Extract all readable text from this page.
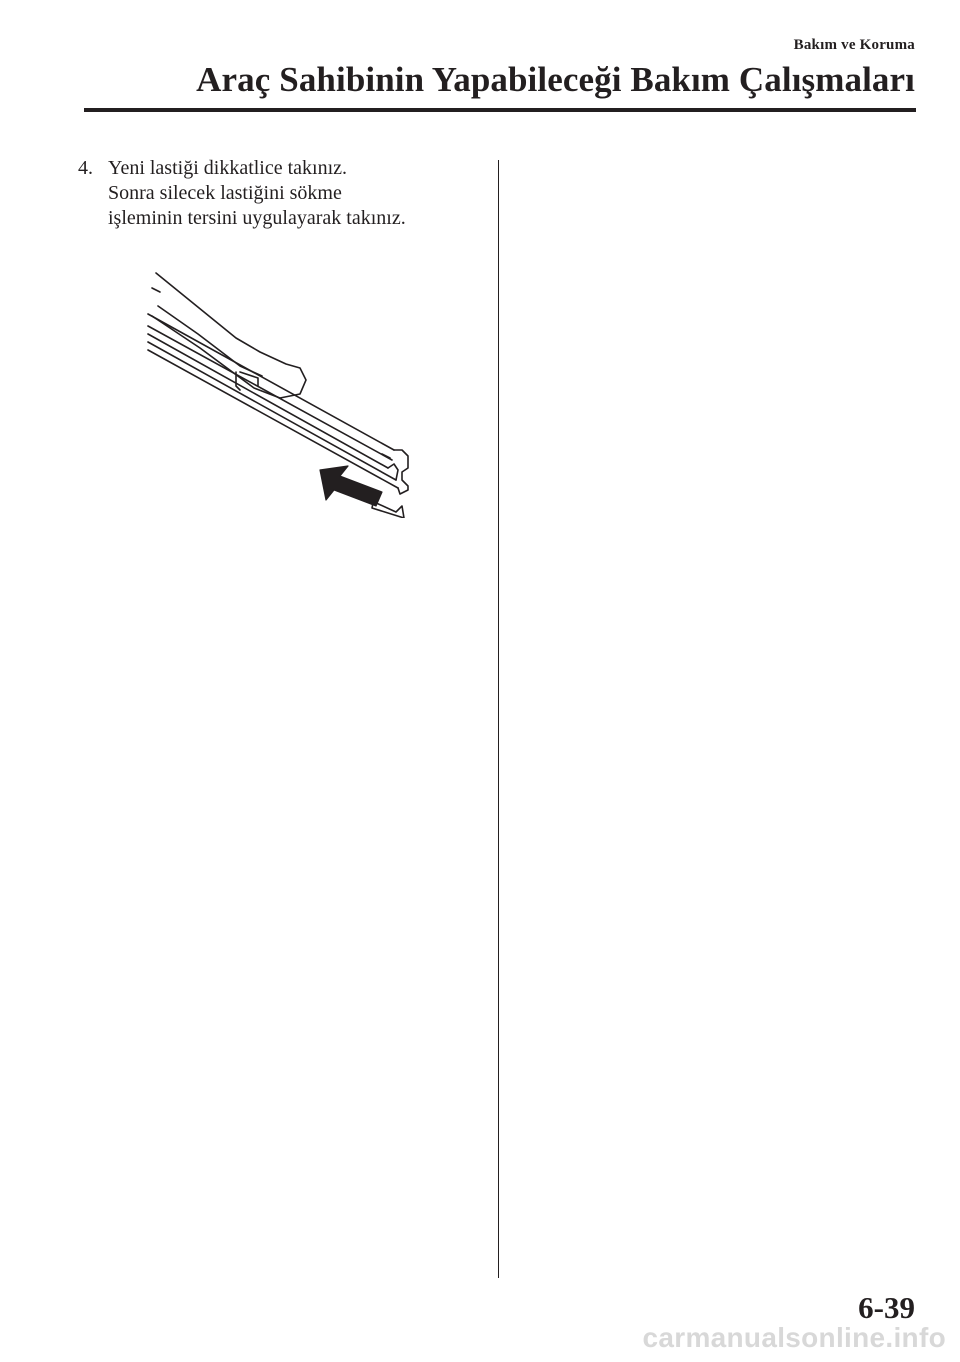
Bakım ve Koruma
Araç Sahibinin Yapabileceği Bakım Çalışmaları
4. Yeni lastiği dikkatlice takınız.
Sonra silecek lastiğini sökme
işleminin tersini uygulayarak takınız.
6-39
carmanualsonline.info
